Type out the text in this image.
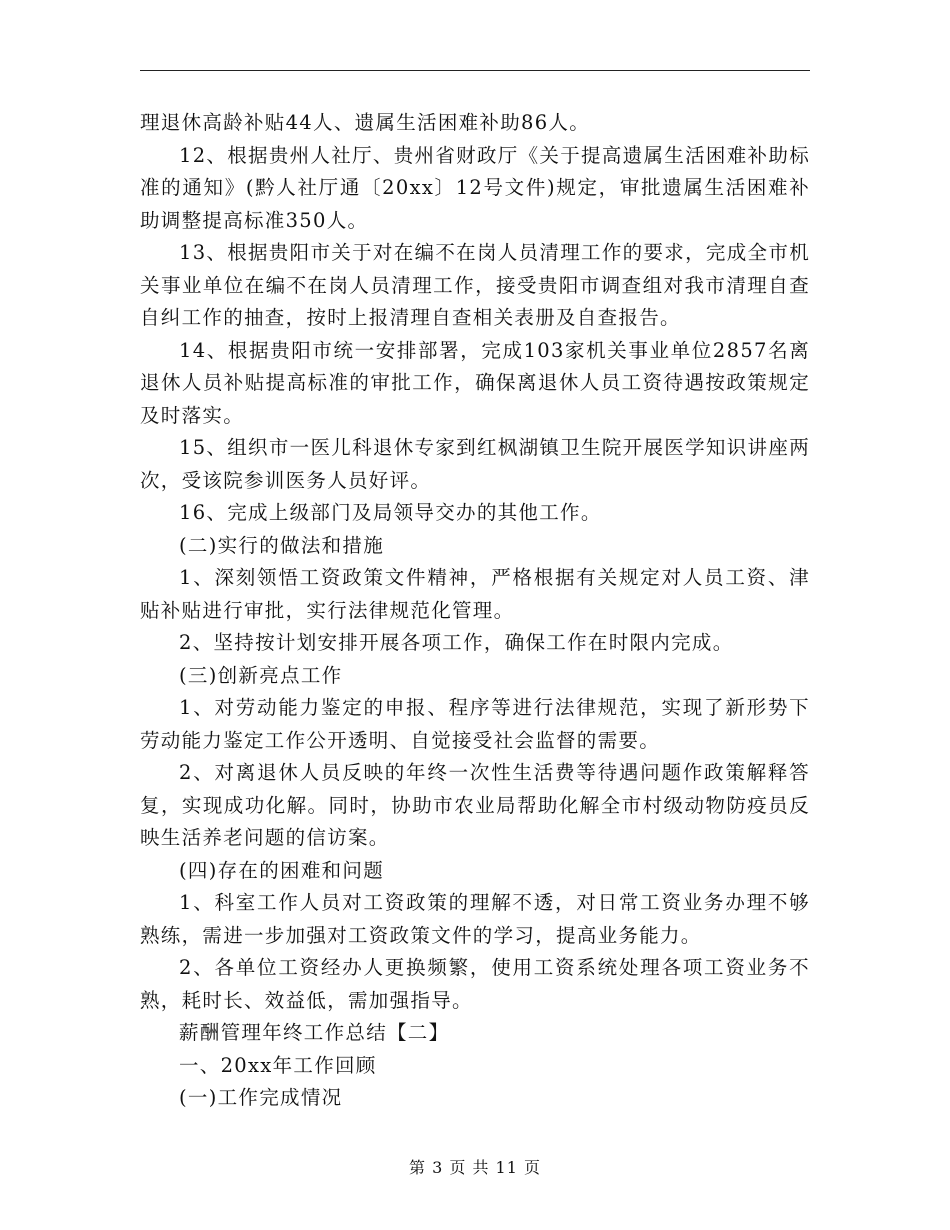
理退休高龄补贴44人、遗属生活困难补助86人。

12、根据贵州人社厅、贵州省财政厅《关于提高遗属生活困难补助标准的通知》(黔人社厅通〔20xx〕12号文件)规定，审批遗属生活困难补助调整提高标准350人。

13、根据贵阳市关于对在编不在岗人员清理工作的要求，完成全市机关事业单位在编不在岗人员清理工作，接受贵阳市调查组对我市清理自查自纠工作的抽查，按时上报清理自查相关表册及自查报告。

14、根据贵阳市统一安排部署，完成103家机关事业单位2857名离退休人员补贴提高标准的审批工作，确保离退休人员工资待遇按政策规定及时落实。

15、组织市一医儿科退休专家到红枫湖镇卫生院开展医学知识讲座两次，受该院参训医务人员好评。

16、完成上级部门及局领导交办的其他工作。

(二)实行的做法和措施

1、深刻领悟工资政策文件精神，严格根据有关规定对人员工资、津贴补贴进行审批，实行法律规范化管理。

2、坚持按计划安排开展各项工作，确保工作在时限内完成。

(三)创新亮点工作

1、对劳动能力鉴定的申报、程序等进行法律规范，实现了新形势下劳动能力鉴定工作公开透明、自觉接受社会监督的需要。

2、对离退休人员反映的年终一次性生活费等待遇问题作政策解释答复，实现成功化解。同时，协助市农业局帮助化解全市村级动物防疫员反映生活养老问题的信访案。

(四)存在的困难和问题

1、科室工作人员对工资政策的理解不透，对日常工资业务办理不够熟练，需进一步加强对工资政策文件的学习，提高业务能力。

2、各单位工资经办人更换频繁，使用工资系统处理各项工资业务不熟，耗时长、效益低，需加强指导。

薪酬管理年终工作总结【二】

一、20xx年工作回顾

(一)工作完成情况

第 3 页 共 11 页
